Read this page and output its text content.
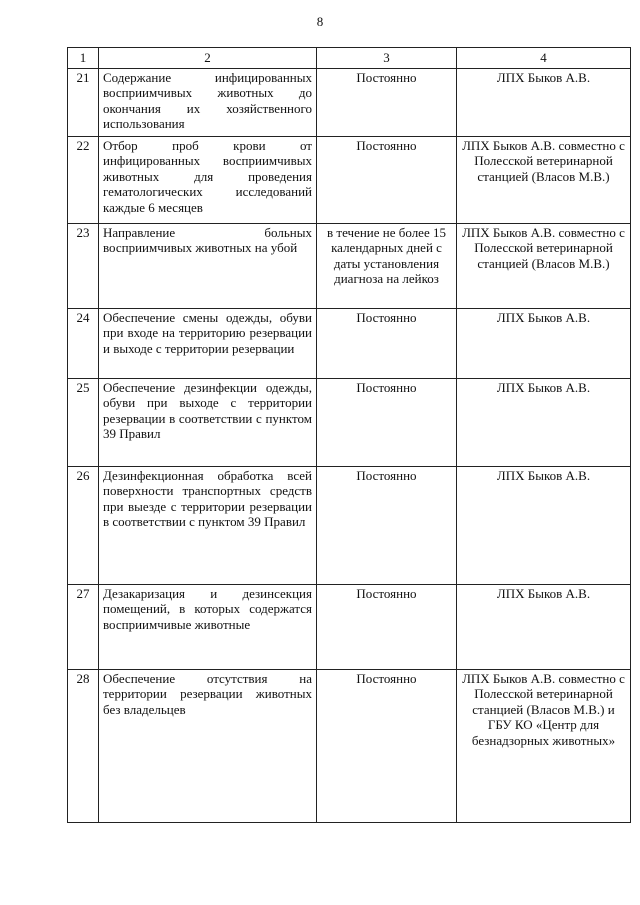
8
1	2	3	4
21	Содержание инфицированных восприимчивых животных до окончания их хозяйственного использования	Постоянно	ЛПХ Быков А.В.
22	Отбор проб крови от инфицированных восприимчивых животных для проведения гематологических исследований каждые 6 месяцев	Постоянно	ЛПХ Быков А.В. совместно с Полесской ветеринарной станцией (Власов М.В.)
23	Направление больных восприимчивых животных на убой	в течение не более 15 календарных дней с даты установления диагноза на лейкоз	ЛПХ Быков А.В. совместно с Полесской ветеринарной станцией (Власов М.В.)
24	Обеспечение смены одежды, обуви при входе на территорию резервации и выходе с территории резервации	Постоянно	ЛПХ Быков А.В.
25	Обеспечение дезинфекции одежды, обуви при выходе с территории резервации в соответствии с пунктом 39 Правил	Постоянно	ЛПХ Быков А.В.
26	Дезинфекционная обработка всей поверхности транспортных средств при выезде с территории резервации в соответствии с пунктом 39 Правил	Постоянно	ЛПХ Быков А.В.
27	Дезакаризация и дезинсекция помещений, в которых содержатся восприимчивые животные	Постоянно	ЛПХ Быков А.В.
28	Обеспечение отсутствия на территории резервации животных без владельцев	Постоянно	ЛПХ Быков А.В. совместно с Полесской ветеринарной станцией (Власов М.В.) и ГБУ КО «Центр для безнадзорных животных»
